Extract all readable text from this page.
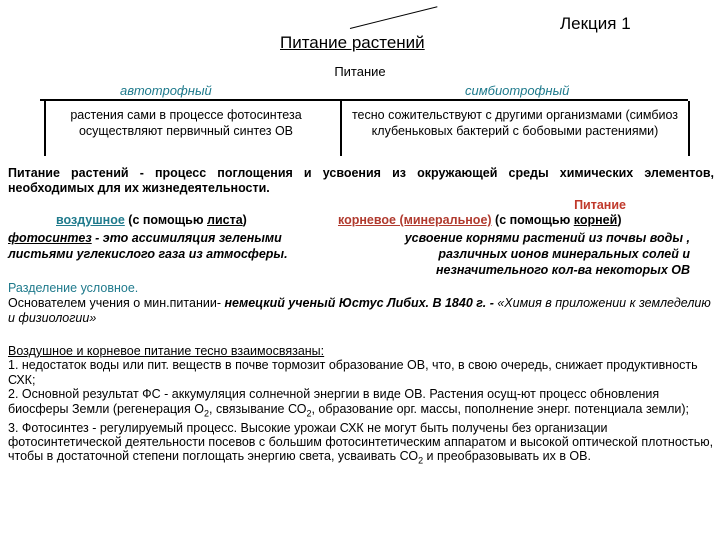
Лекция 1
Питание растений
Питание
автотрофный	симбиотрофный

растения сами в процессе фотосинтеза осуществляют первичный синтез ОВ

тесно сожительствуют с другими организмами (симбиоз клубеньковых бактерий с бобовыми растениями)

Питание растений - процесс поглощения и усвоения из окружающей среды химических элементов, необходимых для их жизнедеятельности.
Питание
воздушное (с помощью листа)	корневое (минеральное) (с помощью корней)
фотосинтез - это ассимиляция зелеными листьями углекислого газа из атмосферы.
усвоение корнями растений из почвы воды , различных ионов минеральных солей и незначительного кол-ва некоторых ОВ
Разделение условное.
Основателем учения о мин.питании- немецкий ученый Юстус Либих. В 1840 г. - «Химия в приложении к земледелию и физиологии»

Воздушное и корневое питание тесно взаимосвязаны:

1. недостаток воды или пит. веществ в почве тормозит образование ОВ, что, в свою очередь, снижает продуктивность СХК;

2. Основной результат ФС - аккумуляция солнечной энергии в виде ОВ. Растения осущ-ют процесс обновления биосферы Земли (регенерация $О_2$, связывание $СО_2$, образование орг. массы, пополнение энерг. потенциала земли);

3. Фотосинтез - регулируемый процесс. Высокие урожаи СХК не могут быть получены без организации фотосинтетической деятельности посевов с большим фотосинтетическим аппаратом и высокой оптической плотностью, чтобы в достаточной степени поглощать энергию света, усваивать $СО_2$ и преобразовывать их в ОВ.
